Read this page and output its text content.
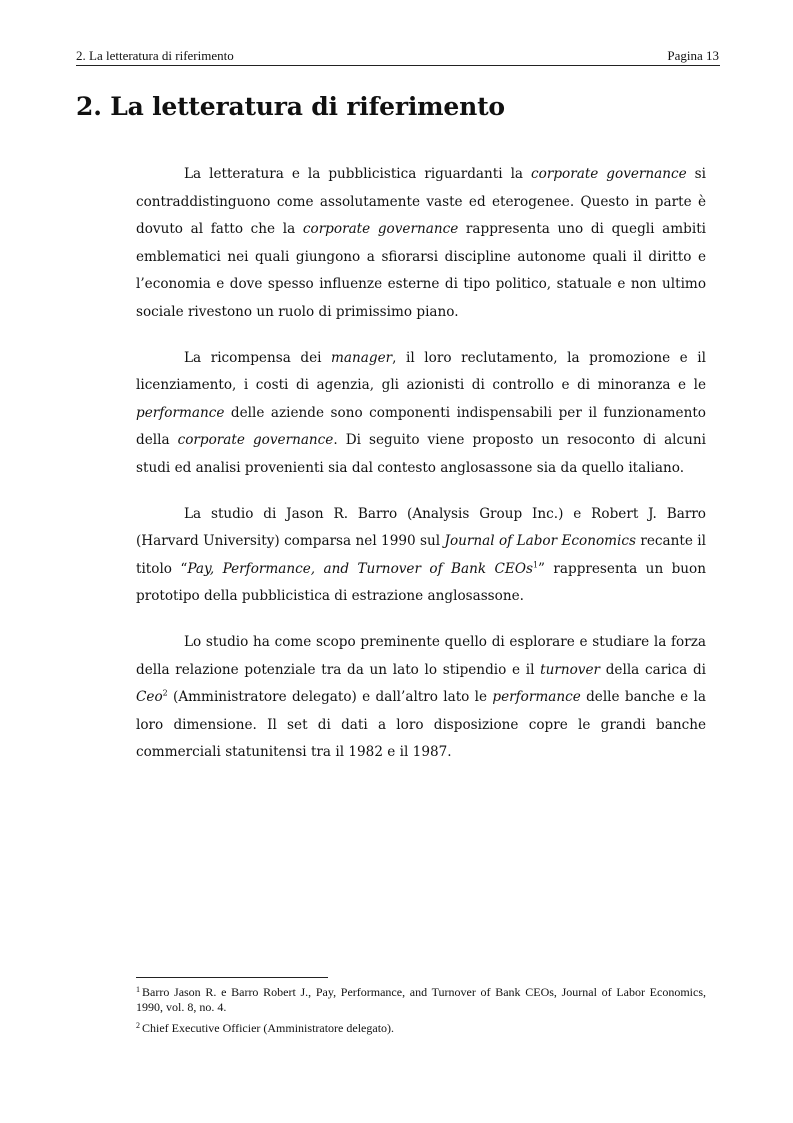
2. La letteratura di riferimento	Pagina 13
2. La letteratura di riferimento

La letteratura e la pubblicistica riguardanti la corporate governance si contraddistinguono come assolutamente vaste ed eterogenee. Questo in parte è dovuto al fatto che la corporate governance rappresenta uno di quegli ambiti emblematici nei quali giungono a sfiorarsi discipline autonome quali il diritto e l’economia e dove spesso influenze esterne di tipo politico, statuale e non ultimo sociale rivestono un ruolo di primissimo piano.

La ricompensa dei manager, il loro reclutamento, la promozione e il licenziamento, i costi di agenzia, gli azionisti di controllo e di minoranza e le performance delle aziende sono componenti indispensabili per il funzionamento della corporate governance. Di seguito viene proposto un resoconto di alcuni studi ed analisi provenienti sia dal contesto anglosassone sia da quello italiano.

La studio di Jason R. Barro (Analysis Group Inc.) e Robert J. Barro (Harvard University) comparsa nel 1990 sul Journal of Labor Economics recante il titolo “Pay, Performance, and Turnover of Bank CEOs$^1$” rappresenta un buon prototipo della pubblicistica di estrazione anglosassone.

Lo studio ha come scopo preminente quello di esplorare e studiare la forza della relazione potenziale tra da un lato lo stipendio e il turnover della carica di Ceo$^2$ (Amministratore delegato) e dall’altro lato le performance delle banche e la loro dimensione. Il set di dati a loro disposizione copre le grandi banche commerciali statunitensi tra il 1982 e il 1987.

$^1$ Barro Jason R. e Barro Robert J., Pay, Performance, and Turnover of Bank CEOs, Journal of Labor Economics, 1990, vol. 8, no. 4.

$^2$ Chief Executive Officier (Amministratore delegato).
